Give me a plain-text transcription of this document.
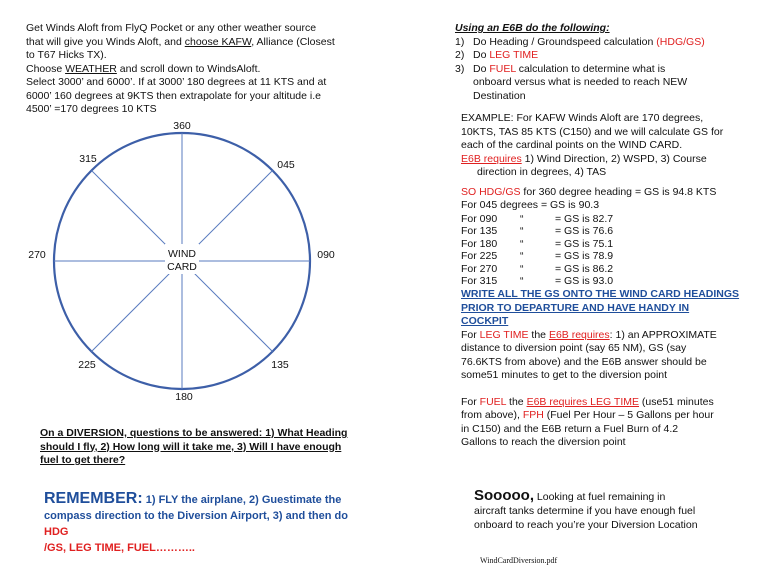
Get Winds Aloft from FlyQ Pocket or any other weather source

that will give you Winds Aloft, and choose KAFW, Alliance (Closest

to T67 Hicks TX).

Choose WEATHER and scroll down to WindsAloft.

Select 3000’ and 6000’. If at 3000’ 180 degrees at 11 KTS and at

6000’ 160 degrees at 9KTS then extrapolate for your altitude i.e

4500’ =170 degrees 10 KTS

WIND
CARD
360
045
090
135
180
225
270
315
On a DIVERSION, questions to be answered: 1) What Heading
should I fly, 2) How long will it take me, 3) Will I have enough
fuel to get there?
REMEMBER: 1) FLY the airplane, 2) Guestimate the
compass direction to the Diversion Airport, 3) and then do HDG
/GS, LEG TIME, FUEL………..

Using an E6B do the following:

1) Do Heading / Groundspeed calculation (HDG/GS)
2) Do LEG TIME
3) Do FUEL calculation to determine what is
onboard versus what is needed to reach NEW
Destination

EXAMPLE: For KAFW Winds Aloft are 170 degrees,

10KTS, TAS 85 KTS (C150) and we will calculate GS for

each of the cardinal points on the WIND CARD.

E6B requires 1) Wind Direction, 2) WSPD, 3) Course

direction in degrees, 4) TAS

SO HDG/GS for 360 degree heading = GS is 94.8 KTS

For 045 degrees = GS is 90.3

For 090	“	= GS is 82.7
For 135	“	= GS is 76.6
For 180	“	= GS is 75.1
For 225	“	= GS is 78.9
For 270	“	= GS is 86.2
For 315	“	= GS is 93.0
WRITE ALL THE GS ONTO THE WIND CARD HEADINGS
PRIOR TO DEPARTURE AND HAVE HANDY IN
COCKPIT

For LEG TIME the E6B requires: 1) an APPROXIMATE

distance to diversion point (say 65 NM), GS (say

76.6KTS from above) and the E6B answer should be

some51 minutes to get to the diversion point

For FUEL the E6B requires LEG TIME (use51 minutes

from above), FPH (Fuel Per Hour – 5 Gallons per hour

in C150) and the E6B return a Fuel Burn of 4.2

Gallons to reach the diversion point

Sooooo, Looking at fuel remaining in
aircraft tanks determine if you have enough fuel
onboard to reach you’re your Diversion Location
WindCardDiversion.pdf
